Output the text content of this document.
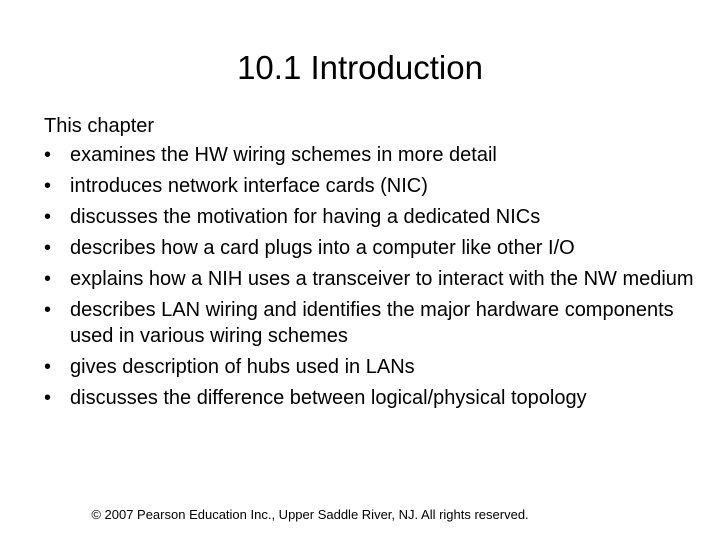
10.1 Introduction
This chapter
• examines the HW wiring schemes in more detail
• introduces network interface cards (NIC)
• discusses the motivation for having a dedicated NICs
• describes how a card plugs into a computer like other I/O
• explains how a NIH uses a transceiver to interact with the NW medium
• describes LAN wiring and identifies the major hardware components used in various wiring schemes
• gives description of hubs used in LANs
• discusses the difference between logical/physical topology
© 2007 Pearson Education Inc., Upper Saddle River, NJ. All rights reserved.
